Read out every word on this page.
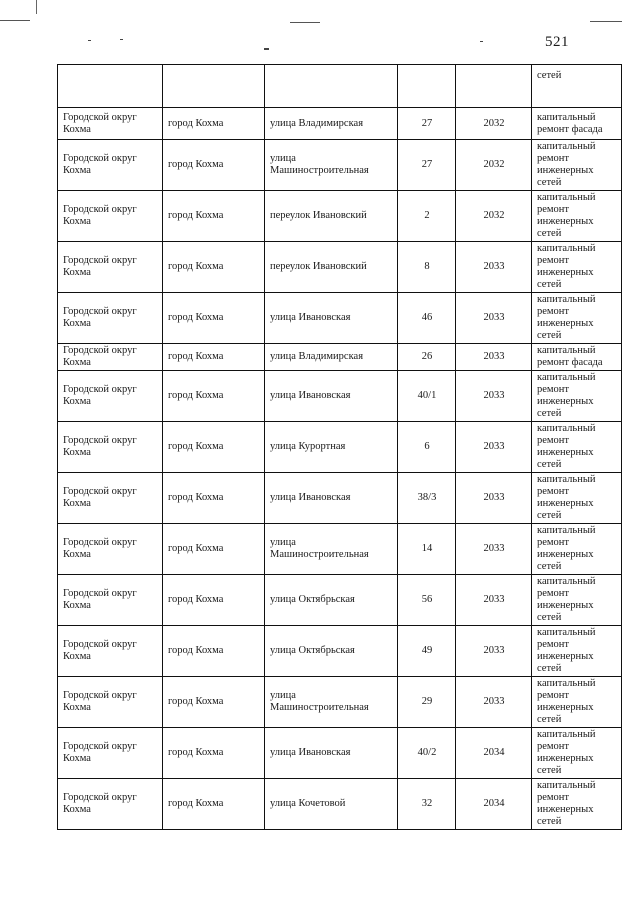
521

					сетей

Городской округ Кохма	город Кохма	улица Владимирская	27	2032	капитальный ремонт фасада
Городской округ Кохма	город Кохма	улица Машиностроительная	27	2032	капитальный ремонт инженерных сетей
Городской округ Кохма	город Кохма	переулок Ивановский	2	2032	капитальный ремонт инженерных сетей
Городской округ Кохма	город Кохма	переулок Ивановский	8	2033	капитальный ремонт инженерных сетей
Городской округ Кохма	город Кохма	улица Ивановская	46	2033	капитальный ремонт инженерных сетей
Городской округ Кохма	город Кохма	улица Владимирская	26	2033	капитальный ремонт фасада
Городской округ Кохма	город Кохма	улица Ивановская	40/1	2033	капитальный ремонт инженерных сетей
Городской округ Кохма	город Кохма	улица Курортная	6	2033	капитальный ремонт инженерных сетей
Городской округ Кохма	город Кохма	улица Ивановская	38/3	2033	капитальный ремонт инженерных сетей
Городской округ Кохма	город Кохма	улица Машиностроительная	14	2033	капитальный ремонт инженерных сетей
Городской округ Кохма	город Кохма	улица Октябрьская	56	2033	капитальный ремонт инженерных сетей
Городской округ Кохма	город Кохма	улица Октябрьская	49	2033	капитальный ремонт инженерных сетей
Городской округ Кохма	город Кохма	улица Машиностроительная	29	2033	капитальный ремонт инженерных сетей
Городской округ Кохма	город Кохма	улица Ивановская	40/2	2034	капитальный ремонт инженерных сетей
Городской округ Кохма	город Кохма	улица Кочетовой	32	2034	капитальный ремонт инженерных сетей
